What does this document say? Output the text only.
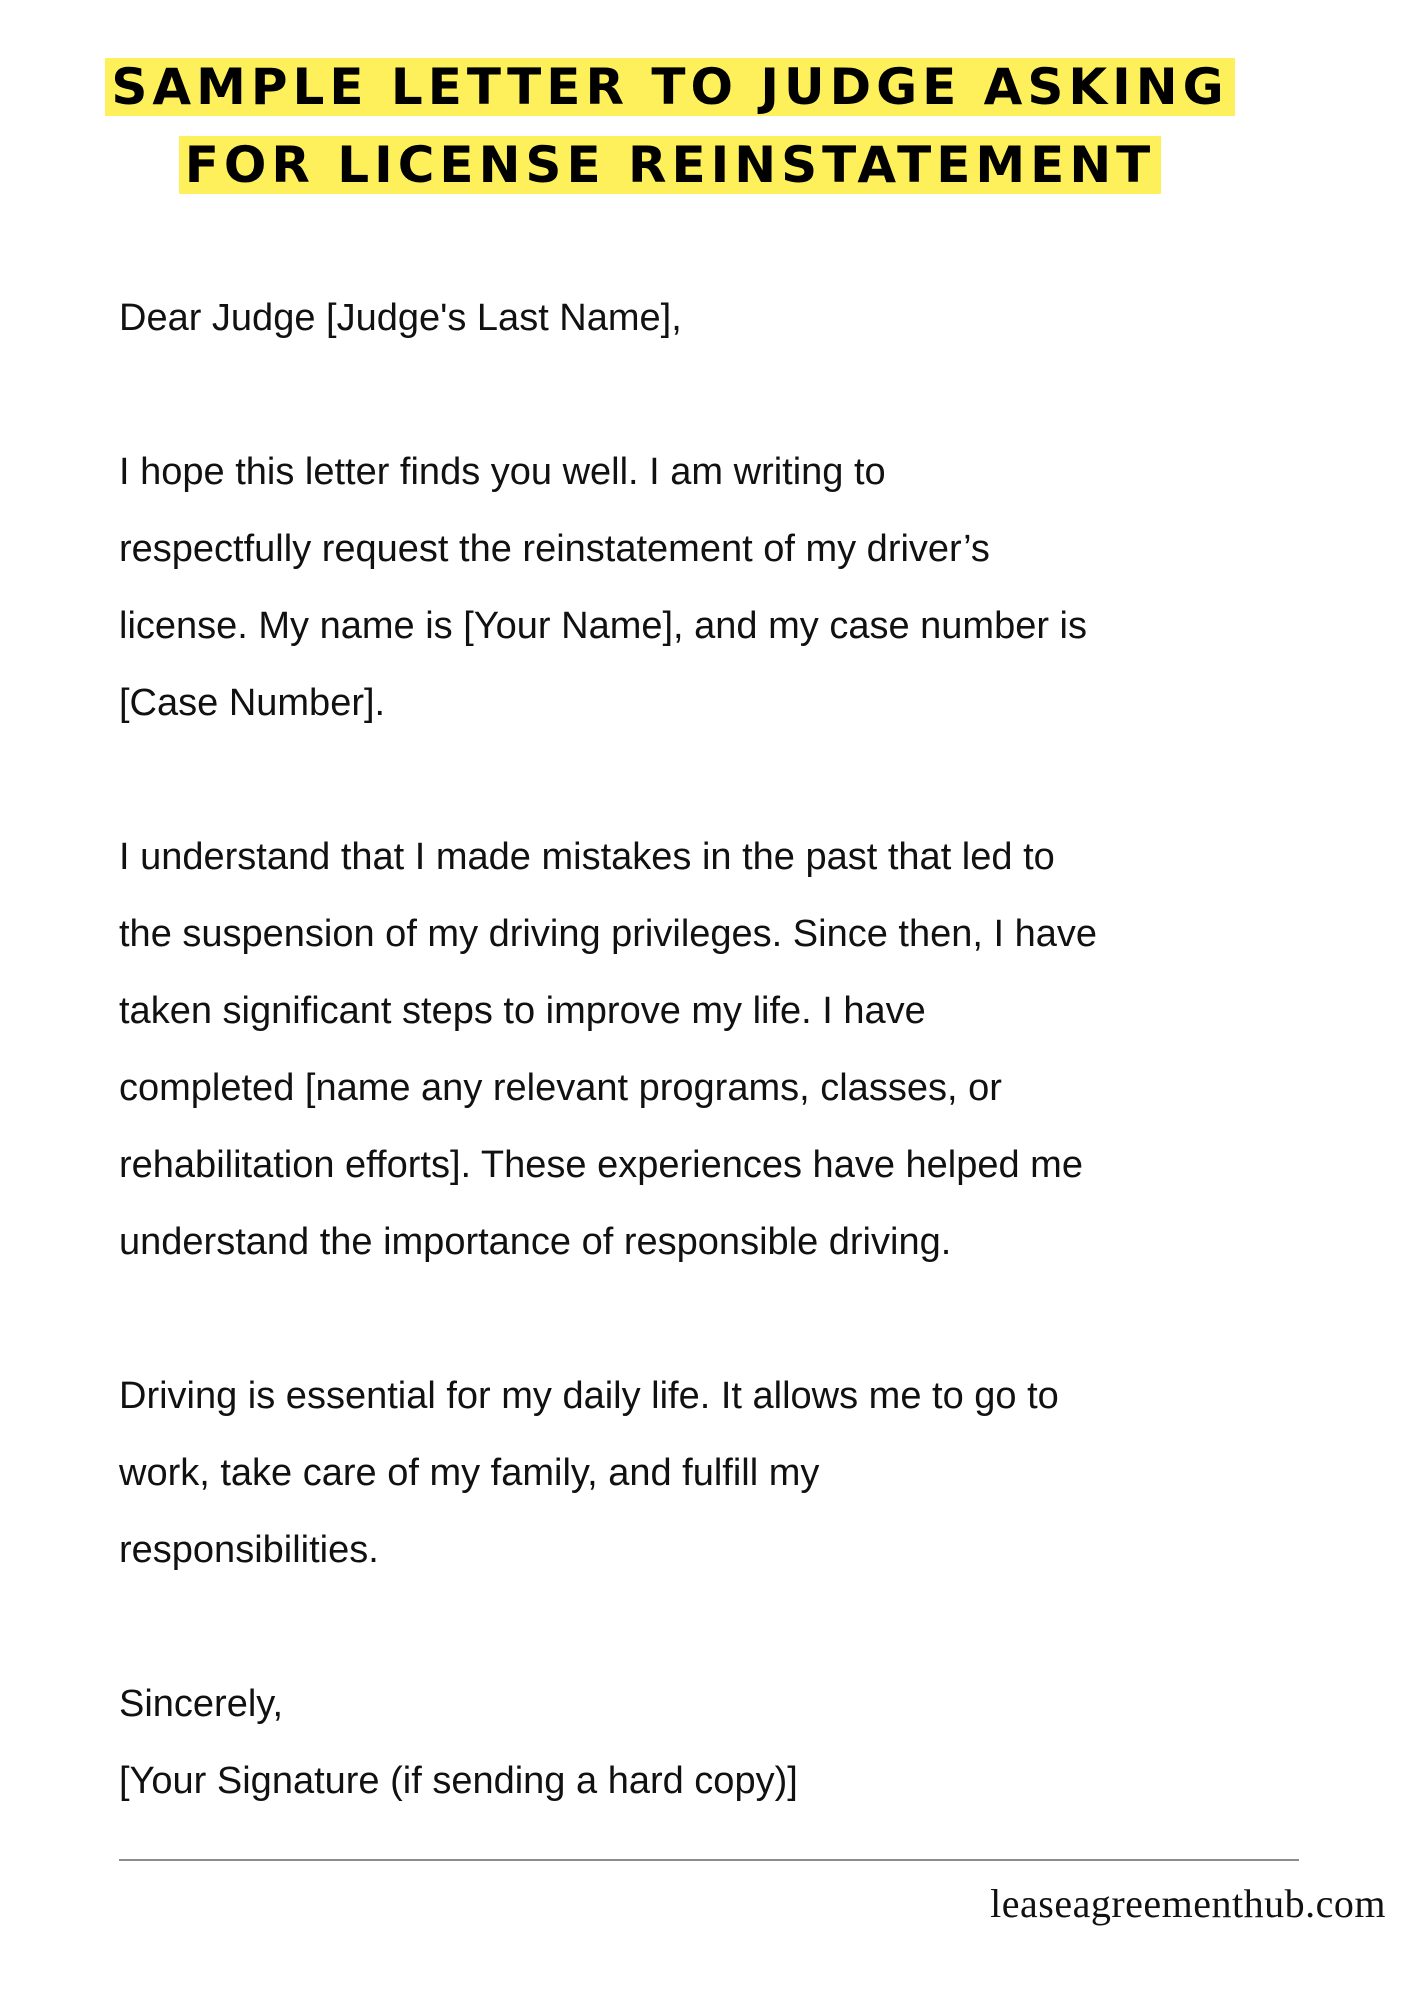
SAMPLE LETTER TO JUDGE ASKING
FOR LICENSE REINSTATEMENT

Dear Judge [Judge's Last Name],

I hope this letter finds you well. I am writing to
respectfully request the reinstatement of my driver’s
license. My name is [Your Name], and my case number is
[Case Number].

I understand that I made mistakes in the past that led to
the suspension of my driving privileges. Since then, I have
taken significant steps to improve my life. I have
completed [name any relevant programs, classes, or
rehabilitation efforts]. These experiences have helped me
understand the importance of responsible driving.

Driving is essential for my daily life. It allows me to go to
work, take care of my family, and fulfill my
responsibilities.

Sincerely,
[Your Signature (if sending a hard copy)]

leaseagreementhub.com
